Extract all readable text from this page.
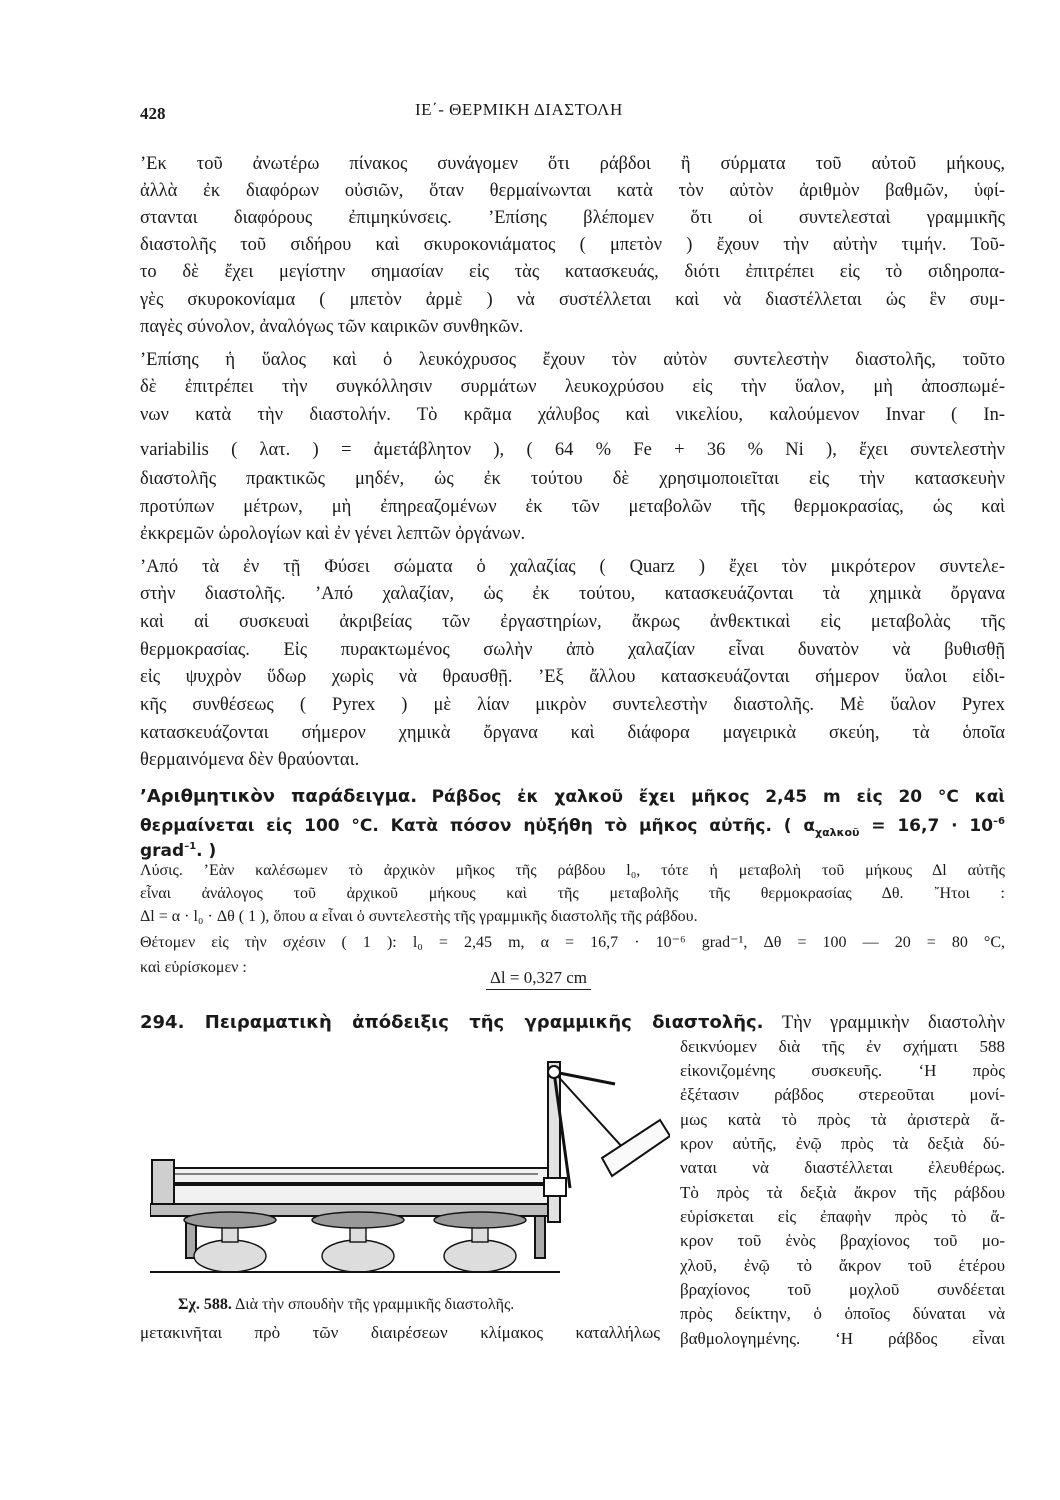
428	ΙΕ΄- ΘΕΡΜΙΚΗ ΔΙΑΣΤΟΛΗ
’Εκ τοῦ ἀνωτέρω πίνακος συνάγομεν ὅτι ράβδοι ἢ σύρματα τοῦ αὐτοῦ μήκους,
ἀλλὰ ἐκ διαφόρων οὐσιῶν, ὅταν θερμαίνωνται κατὰ τὸν αὐτὸν ἀριθμὸν βαθμῶν, ὑφί-
στανται διαφόρους ἐπιμηκύνσεις. ’Επίσης βλέπομεν ὅτι οἱ συντελεσταὶ γραμμικῆς
διαστολῆς τοῦ σιδήρου καὶ σκυροκονιάματος ( μπετὸν ) ἔχουν τὴν αὐτὴν τιμήν. Τοῦ-
το δὲ ἔχει μεγίστην σημασίαν εἰς τὰς κατασκευάς, διότι ἐπιτρέπει εἰς τὸ σιδηροπα-
γὲς σκυροκονίαμα ( μπετὸν ἀρμὲ ) νὰ συστέλλεται καὶ νὰ διαστέλλεται ὡς ἓν συμ-
παγὲς σύνολον, ἀναλόγως τῶν καιρικῶν συνθηκῶν.
’Επίσης ἡ ὕαλος καὶ ὁ λευκόχρυσος ἔχουν τὸν αὐτὸν συντελεστὴν διαστολῆς, τοῦτο
δὲ ἐπιτρέπει τὴν συγκόλλησιν συρμάτων λευκοχρύσου εἰς τὴν ὕαλον, μὴ ἀποσπωμέ-
νων κατὰ τὴν διαστολήν. Τὸ κρᾶμα χάλυβος καὶ νικελίου, καλούμενον Invar ( In-
variabilis ( λατ. ) = ἀμετάβλητον ), ( 64 % Fe + 36 % Ni ), ἔχει συντελεστὴν
διαστολῆς πρακτικῶς μηδέν, ὡς ἐκ τούτου δὲ χρησιμοποιεῖται εἰς τὴν κατασκευὴν
προτύπων μέτρων, μὴ ἐπηρεαζομένων ἐκ τῶν μεταβολῶν τῆς θερμοκρασίας, ὡς καὶ
ἐκκρεμῶν ὡρολογίων καὶ ἐν γένει λεπτῶν ὀργάνων.
’Από τὰ ἐν τῇ Φύσει σώματα ὁ χαλαζίας ( Quarz ) ἔχει τὸν μικρότερον συντελε-
στὴν διαστολῆς. ’Από χαλαζίαν, ὡς ἐκ τούτου, κατασκευάζονται τὰ χημικὰ ὄργανα
καὶ αἱ συσκευαὶ ἀκριβείας τῶν ἐργαστηρίων, ἄκρως ἀνθεκτικαὶ εἰς μεταβολὰς τῆς
θερμοκρασίας. Εἰς πυρακτωμένος σωλὴν ἀπὸ χαλαζίαν εἶναι δυνατὸν νὰ βυθισθῇ
εἰς ψυχρὸν ὕδωρ χωρὶς νὰ θραυσθῇ. ’Εξ ἄλλου κατασκευάζονται σήμερον ὕαλοι εἰδι-
κῆς συνθέσεως ( Pyrex ) μὲ λίαν μικρὸν συντελεστὴν διαστολῆς. Μὲ ὕαλον Pyrex
κατασκευάζονται σήμερον χημικὰ ὄργανα καὶ διάφορα μαγειρικὰ σκεύη, τὰ ὁποῖα
θερμαινόμενα δὲν θραύονται.
’Αριθμητικὸν παράδειγμα. Ράβδος ἐκ χαλκοῦ ἔχει μῆκος 2,45 m εἰς 20 °C καὶ
θερμαίνεται εἰς 100 °C. Κατὰ πόσον ηὐξήθη τὸ μῆκος αὐτῆς. ( $\alpha_{\chi\alpha\lambda\kappa oῦ} = 16,7 \cdot 10^{-6}$
grad$^{-1}$. )
Λύσις. ’Εὰν καλέσωμεν τὸ ἀρχικὸν μῆκος τῆς ράβδου l₀, τότε ἡ μεταβολὴ τοῦ μήκους Δl αὐτῆς
εἶναι ἀνάλογος τοῦ ἀρχικοῦ μήκους καὶ τῆς μεταβολῆς τῆς θερμοκρασίας Δθ. ῎Ητοι :
Δl = α · l₀ · Δθ ( 1 ), ὅπου α εἶναι ὁ συντελεστὴς τῆς γραμμικῆς διαστολῆς τῆς ράβδου.
Θέτομεν εἰς τὴν σχέσιν ( 1 ): l₀ = 2,45 m, α = 16,7 · 10⁻⁶ grad⁻¹, Δθ = 100 — 20 = 80 °C,
καὶ εὑρίσκομεν :
Δl = 0,327 cm
294. Πειραματικὴ ἀπόδειξις τῆς γραμμικῆς διαστολῆς. Τὴν γραμμικὴν διαστολὴν
δεικνύομεν διὰ τῆς ἐν σχήματι 588
εἰκονιζομένης συσκευῆς. ‘Η πρὸς
ἐξέτασιν ράβδος στερεοῦται μονί-
μως κατὰ τὸ πρὸς τὰ ἀριστερὰ ἄ-
κρον αὐτῆς, ἐνῷ πρὸς τὰ δεξιὰ δύ-
ναται νὰ διαστέλλεται ἐλευθέρως.
Τὸ πρὸς τὰ δεξιὰ ἄκρον τῆς ράβδου
εὑρίσκεται εἰς ἐπαφὴν πρὸς τὸ ἄ-
κρον τοῦ ἑνὸς βραχίονος τοῦ μο-
χλοῦ, ἐνῷ τὸ ἄκρον τοῦ ἑτέρου
βραχίονος τοῦ μοχλοῦ συνδέεται
πρὸς δείκτην, ὁ ὁποῖος δύναται νὰ
βαθμολογημένης. ‘Η ράβδος εἶναι
Σχ. 588. Διὰ τὴν σπουδὴν τῆς γραμμικῆς διαστολῆς.
μετακινῆται πρὸ τῶν διαιρέσεων κλίμακος καταλλήλως
